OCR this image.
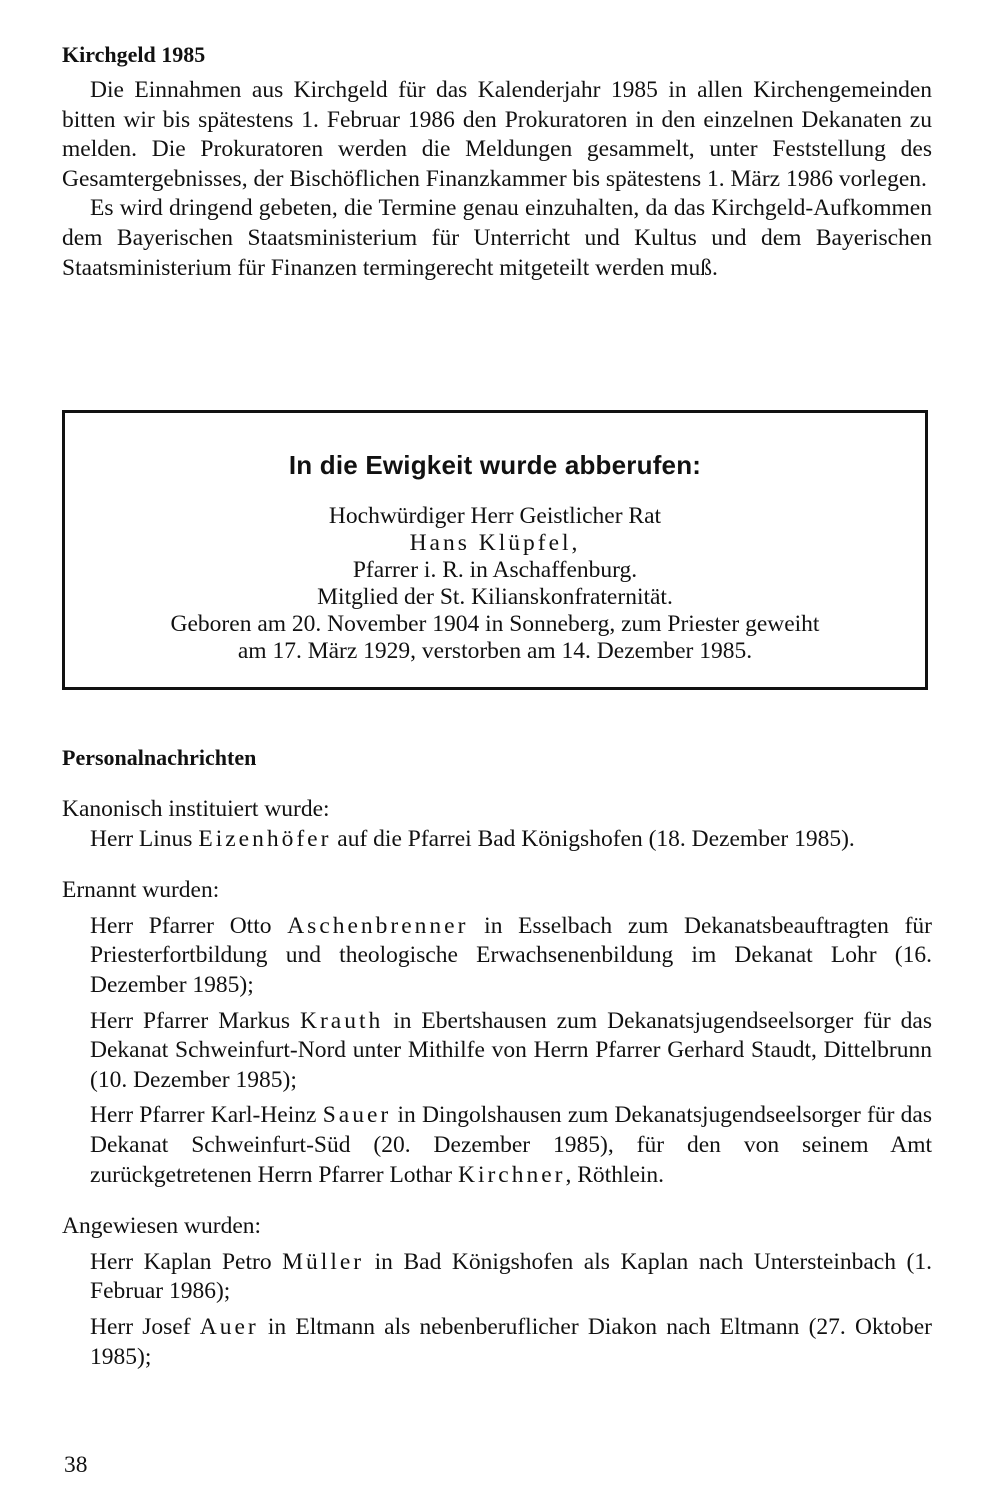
Kirchgeld 1985

Die Einnahmen aus Kirchgeld für das Kalenderjahr 1985 in allen Kirchengemeinden bitten wir bis spätestens 1. Februar 1986 den Prokuratoren in den einzelnen Dekanaten zu melden. Die Prokuratoren werden die Meldungen gesammelt, unter Feststellung des Gesamtergebnisses, der Bischöflichen Finanzkammer bis spätestens 1. März 1986 vorlegen.

Es wird dringend gebeten, die Termine genau einzuhalten, da das Kirchgeld-Aufkommen dem Bayerischen Staatsministerium für Unterricht und Kultus und dem Bayerischen Staatsministerium für Finanzen termingerecht mitgeteilt werden muß.

In die Ewigkeit wurde abberufen:
Hochwürdiger Herr Geistlicher Rat
Hans Klüpfel,
Pfarrer i. R. in Aschaffenburg.
Mitglied der St. Kilianskonfraternität.
Geboren am 20. November 1904 in Sonneberg, zum Priester geweiht
am 17. März 1929, verstorben am 14. Dezember 1985.

Personalnachrichten

Kanonisch instituiert wurde:

Herr Linus Eizenhöfer auf die Pfarrei Bad Königshofen (18. Dezember 1985).

Ernannt wurden:

Herr Pfarrer Otto Aschenbrenner in Esselbach zum Dekanatsbeauftragten für Priesterfortbildung und theologische Erwachsenenbildung im Dekanat Lohr (16. Dezember 1985);

Herr Pfarrer Markus Krauth in Ebertshausen zum Dekanatsjugendseelsorger für das Dekanat Schweinfurt-Nord unter Mithilfe von Herrn Pfarrer Gerhard Staudt, Dittelbrunn (10. Dezember 1985);

Herr Pfarrer Karl-Heinz Sauer in Dingolshausen zum Dekanatsjugendseelsorger für das Dekanat Schweinfurt-Süd (20. Dezember 1985), für den von seinem Amt zurückgetretenen Herrn Pfarrer Lothar Kirchner, Röthlein.

Angewiesen wurden:

Herr Kaplan Petro Müller in Bad Königshofen als Kaplan nach Untersteinbach (1. Februar 1986);

Herr Josef Auer in Eltmann als nebenberuflicher Diakon nach Eltmann (27. Oktober 1985);

38
